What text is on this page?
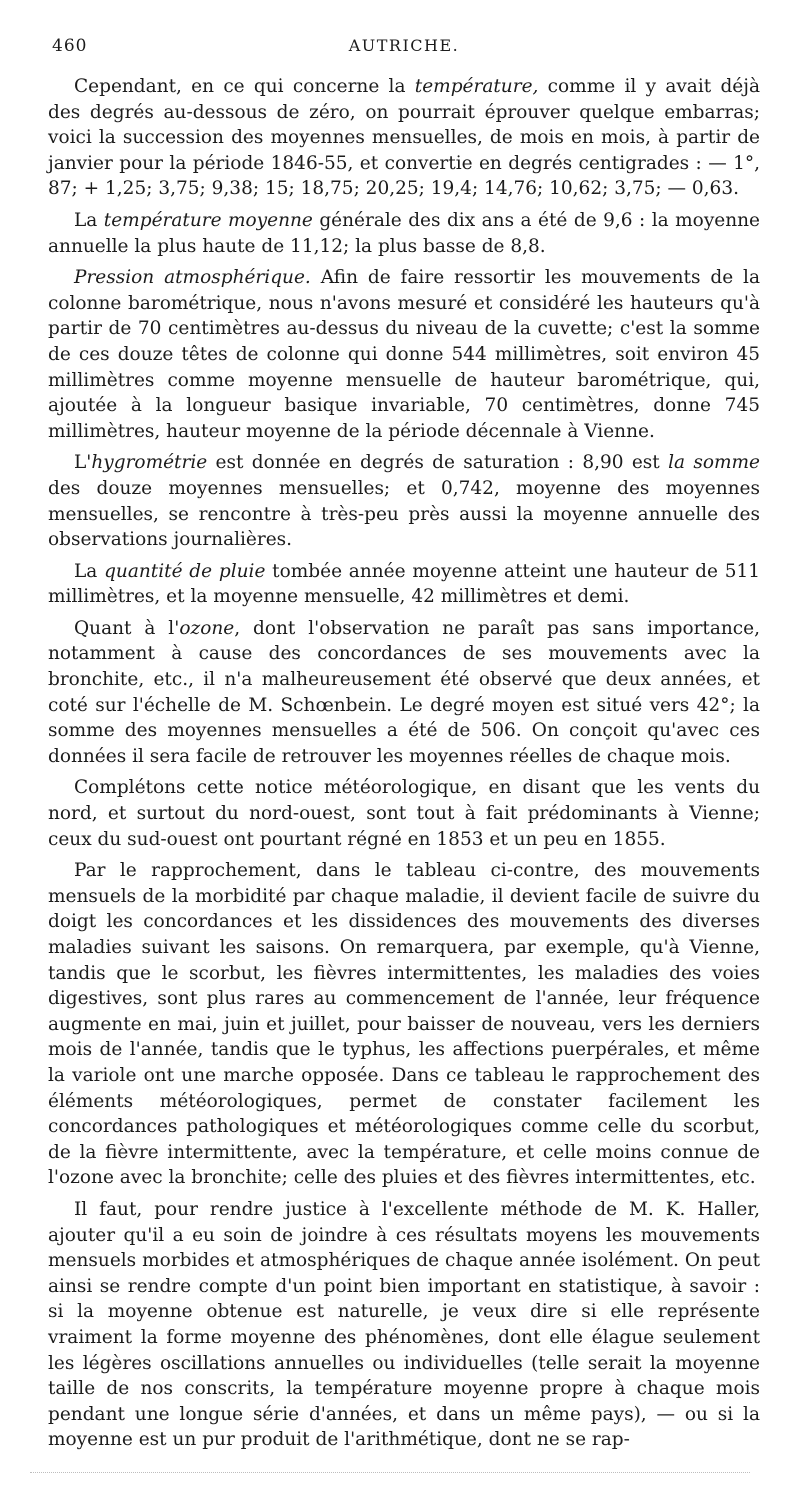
460	AUTRICHE.

Cependant, en ce qui concerne la température, comme il y avait déjà des degrés au-dessous de zéro, on pourrait éprouver quelque embarras; voici la succession des moyennes mensuelles, de mois en mois, à partir de janvier pour la période 1846-55, et convertie en degrés centigrades : — 1°, 87; + 1,25; 3,75; 9,38; 15; 18,75; 20,25; 19,4; 14,76; 10,62; 3,75; — 0,63.

La température moyenne générale des dix ans a été de 9,6 : la moyenne annuelle la plus haute de 11,12; la plus basse de 8,8.

Pression atmosphérique. Afin de faire ressortir les mouvements de la colonne barométrique, nous n'avons mesuré et considéré les hauteurs qu'à partir de 70 centimètres au-dessus du niveau de la cuvette; c'est la somme de ces douze têtes de colonne qui donne 544 millimètres, soit environ 45 millimètres comme moyenne mensuelle de hauteur barométrique, qui, ajoutée à la longueur basique invariable, 70 centimètres, donne 745 millimètres, hauteur moyenne de la période décennale à Vienne.

L'hygrométrie est donnée en degrés de saturation : 8,90 est la somme des douze moyennes mensuelles; et 0,742, moyenne des moyennes mensuelles, se rencontre à très-peu près aussi la moyenne annuelle des observations journalières.

La quantité de pluie tombée année moyenne atteint une hauteur de 511 millimètres, et la moyenne mensuelle, 42 millimètres et demi.

Quant à l'ozone, dont l'observation ne paraît pas sans importance, notamment à cause des concordances de ses mouvements avec la bronchite, etc., il n'a malheureusement été observé que deux années, et coté sur l'échelle de M. Schœnbein. Le degré moyen est situé vers 42°; la somme des moyennes mensuelles a été de 506. On conçoit qu'avec ces données il sera facile de retrouver les moyennes réelles de chaque mois.

Complétons cette notice météorologique, en disant que les vents du nord, et surtout du nord-ouest, sont tout à fait prédominants à Vienne; ceux du sud-ouest ont pourtant régné en 1853 et un peu en 1855.

Par le rapprochement, dans le tableau ci-contre, des mouvements mensuels de la morbidité par chaque maladie, il devient facile de suivre du doigt les concordances et les dissidences des mouvements des diverses maladies suivant les saisons. On remarquera, par exemple, qu'à Vienne, tandis que le scorbut, les fièvres intermittentes, les maladies des voies digestives, sont plus rares au commencement de l'année, leur fréquence augmente en mai, juin et juillet, pour baisser de nouveau, vers les derniers mois de l'année, tandis que le typhus, les affections puerpérales, et même la variole ont une marche opposée. Dans ce tableau le rapprochement des éléments météorologiques, permet de constater facilement les concordances pathologiques et météorologiques comme celle du scorbut, de la fièvre intermittente, avec la température, et celle moins connue de l'ozone avec la bronchite; celle des pluies et des fièvres intermittentes, etc.

Il faut, pour rendre justice à l'excellente méthode de M. K. Haller, ajouter qu'il a eu soin de joindre à ces résultats moyens les mouvements mensuels morbides et atmosphériques de chaque année isolément. On peut ainsi se rendre compte d'un point bien important en statistique, à savoir : si la moyenne obtenue est naturelle, je veux dire si elle représente vraiment la forme moyenne des phénomènes, dont elle élague seulement les légères oscillations annuelles ou individuelles (telle serait la moyenne taille de nos conscrits, la température moyenne propre à chaque mois pendant une longue série d'années, et dans un même pays), — ou si la moyenne est un pur produit de l'arithmétique, dont ne se rap-
